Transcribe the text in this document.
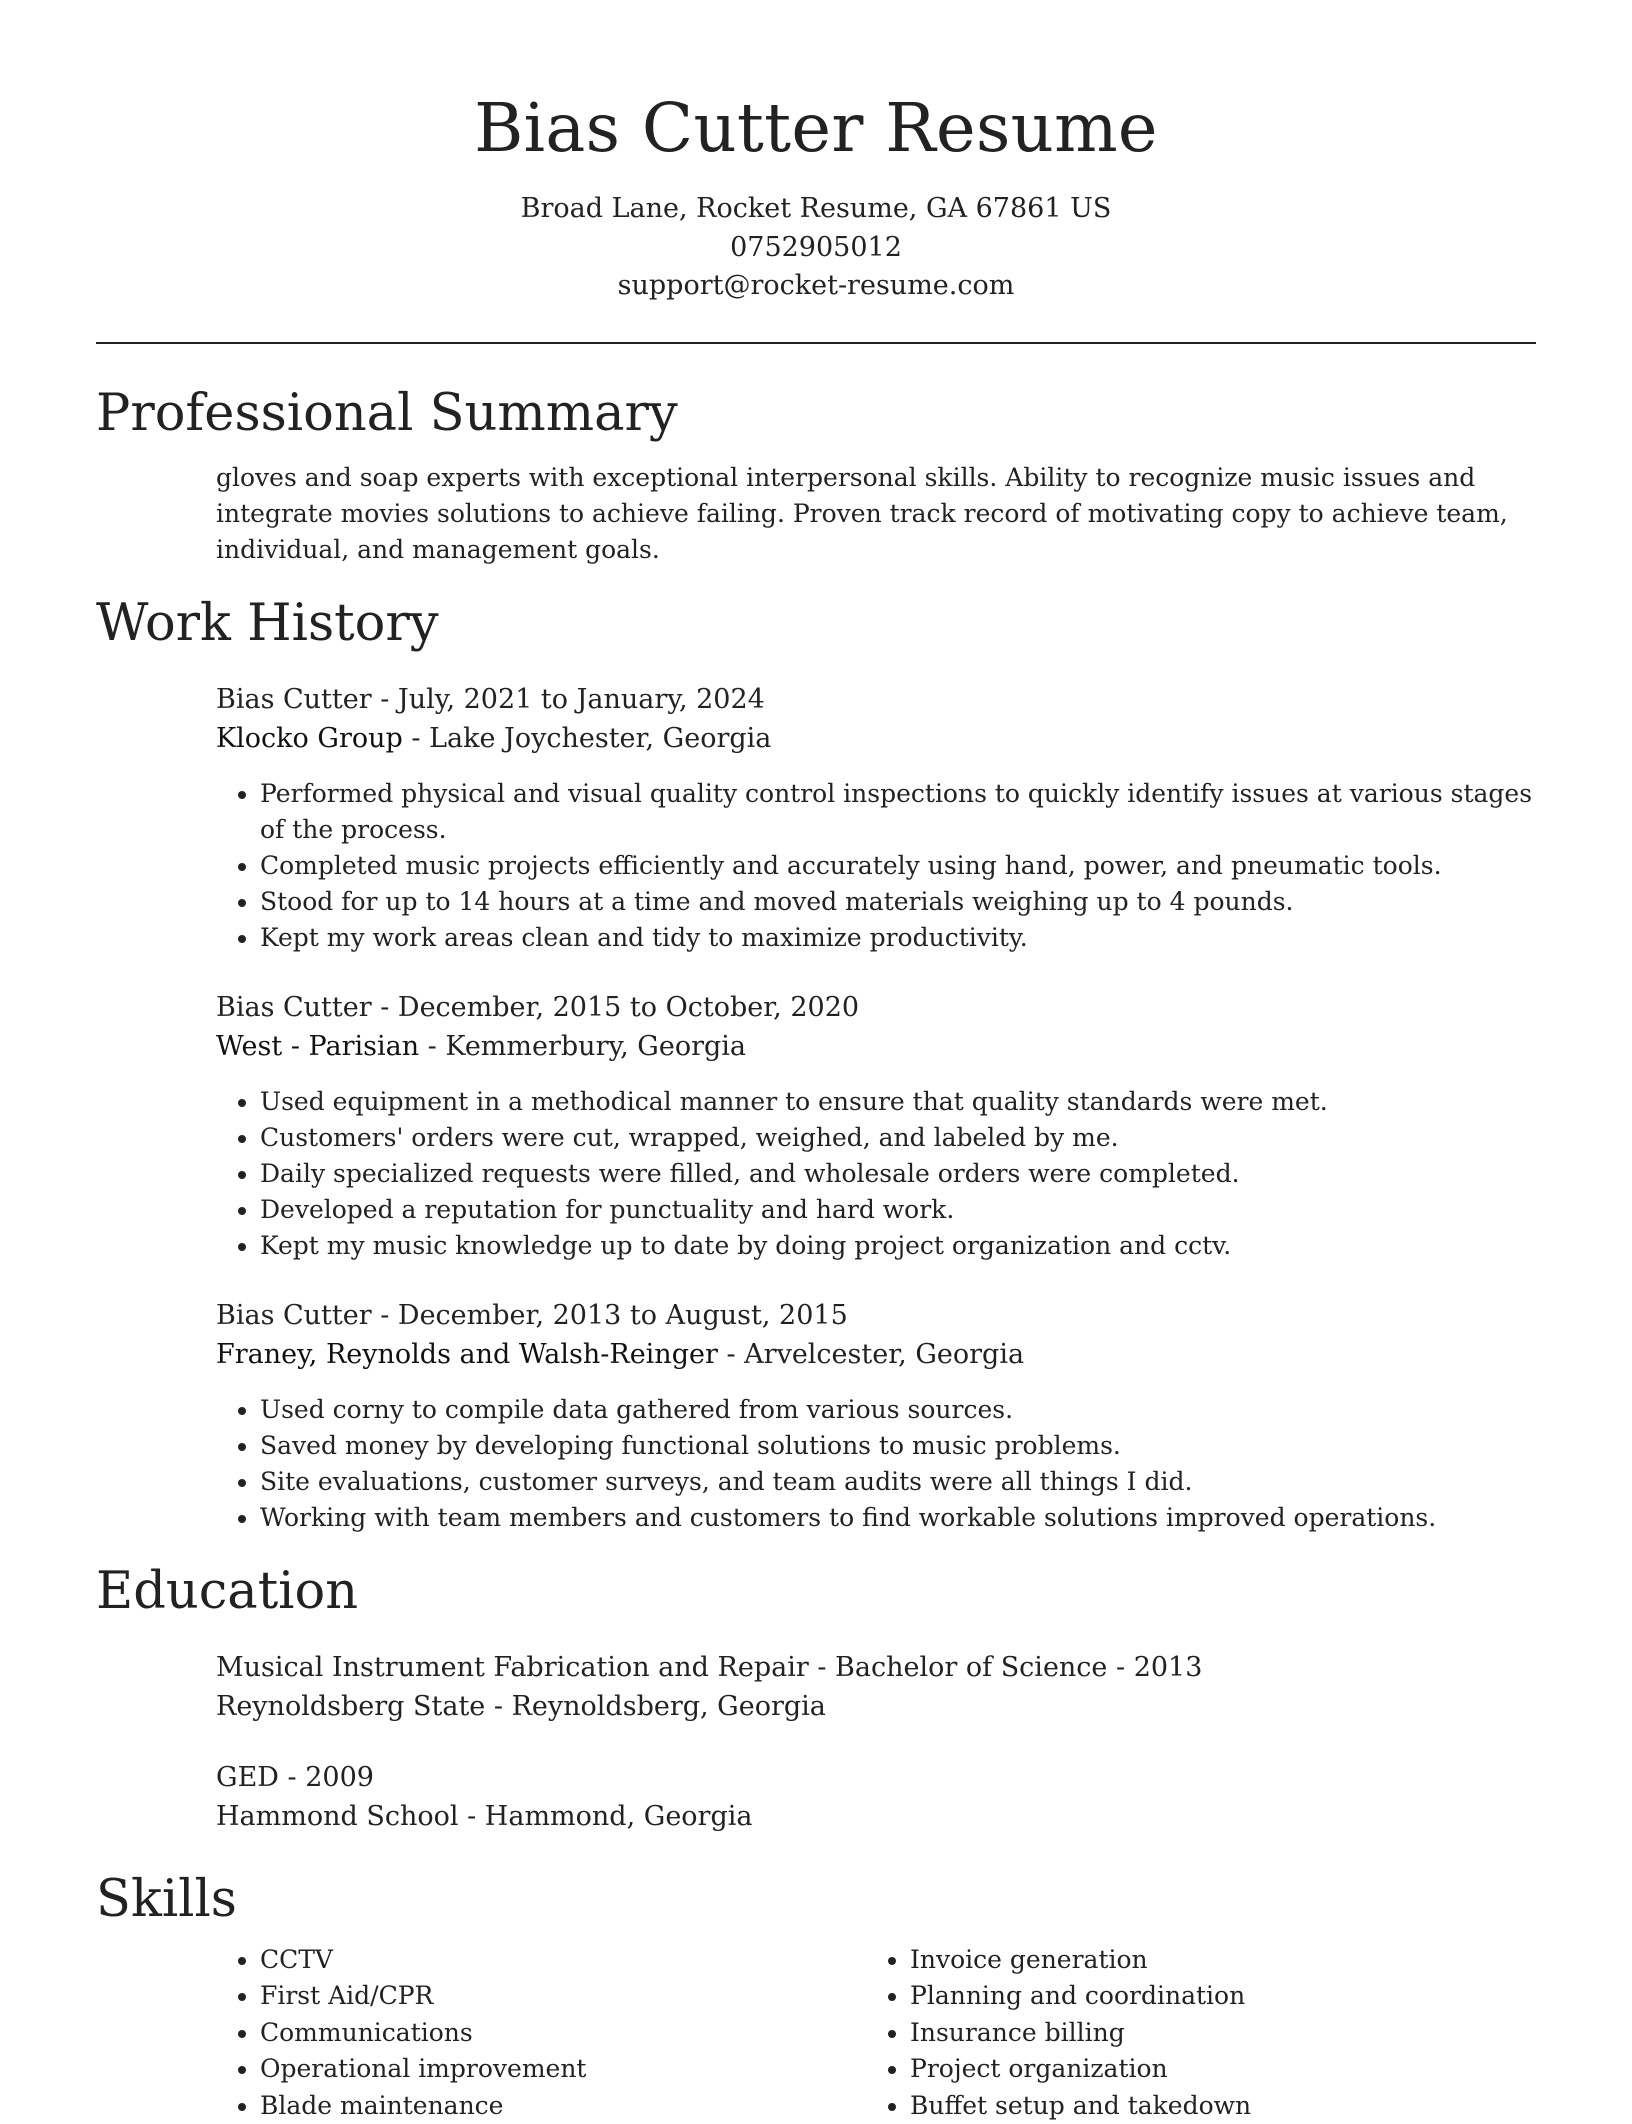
Bias Cutter Resume
Broad Lane, Rocket Resume, GA 67861 US
0752905012
support@rocket-resume.com
Professional Summary
gloves and soap experts with exceptional interpersonal skills. Ability to recognize music issues and integrate movies solutions to achieve failing. Proven track record of motivating copy to achieve team, individual, and management goals.
Work History
Bias Cutter - July, 2021 to January, 2024
Klocko Group - Lake Joychester, Georgia
• Performed physical and visual quality control inspections to quickly identify issues at various stages of the process.
• Completed music projects efficiently and accurately using hand, power, and pneumatic tools.
• Stood for up to 14 hours at a time and moved materials weighing up to 4 pounds.
• Kept my work areas clean and tidy to maximize productivity.
Bias Cutter - December, 2015 to October, 2020
West - Parisian - Kemmerbury, Georgia
• Used equipment in a methodical manner to ensure that quality standards were met.
• Customers' orders were cut, wrapped, weighed, and labeled by me.
• Daily specialized requests were filled, and wholesale orders were completed.
• Developed a reputation for punctuality and hard work.
• Kept my music knowledge up to date by doing project organization and cctv.
Bias Cutter - December, 2013 to August, 2015
Franey, Reynolds and Walsh-Reinger - Arvelcester, Georgia
• Used corny to compile data gathered from various sources.
• Saved money by developing functional solutions to music problems.
• Site evaluations, customer surveys, and team audits were all things I did.
• Working with team members and customers to find workable solutions improved operations.
Education
Musical Instrument Fabrication and Repair - Bachelor of Science - 2013
Reynoldsberg State - Reynoldsberg, Georgia
GED - 2009
Hammond School - Hammond, Georgia
Skills
• CCTV
• First Aid/CPR
• Communications
• Operational improvement
• Blade maintenance
• Invoice generation
• Planning and coordination
• Insurance billing
• Project organization
• Buffet setup and takedown
